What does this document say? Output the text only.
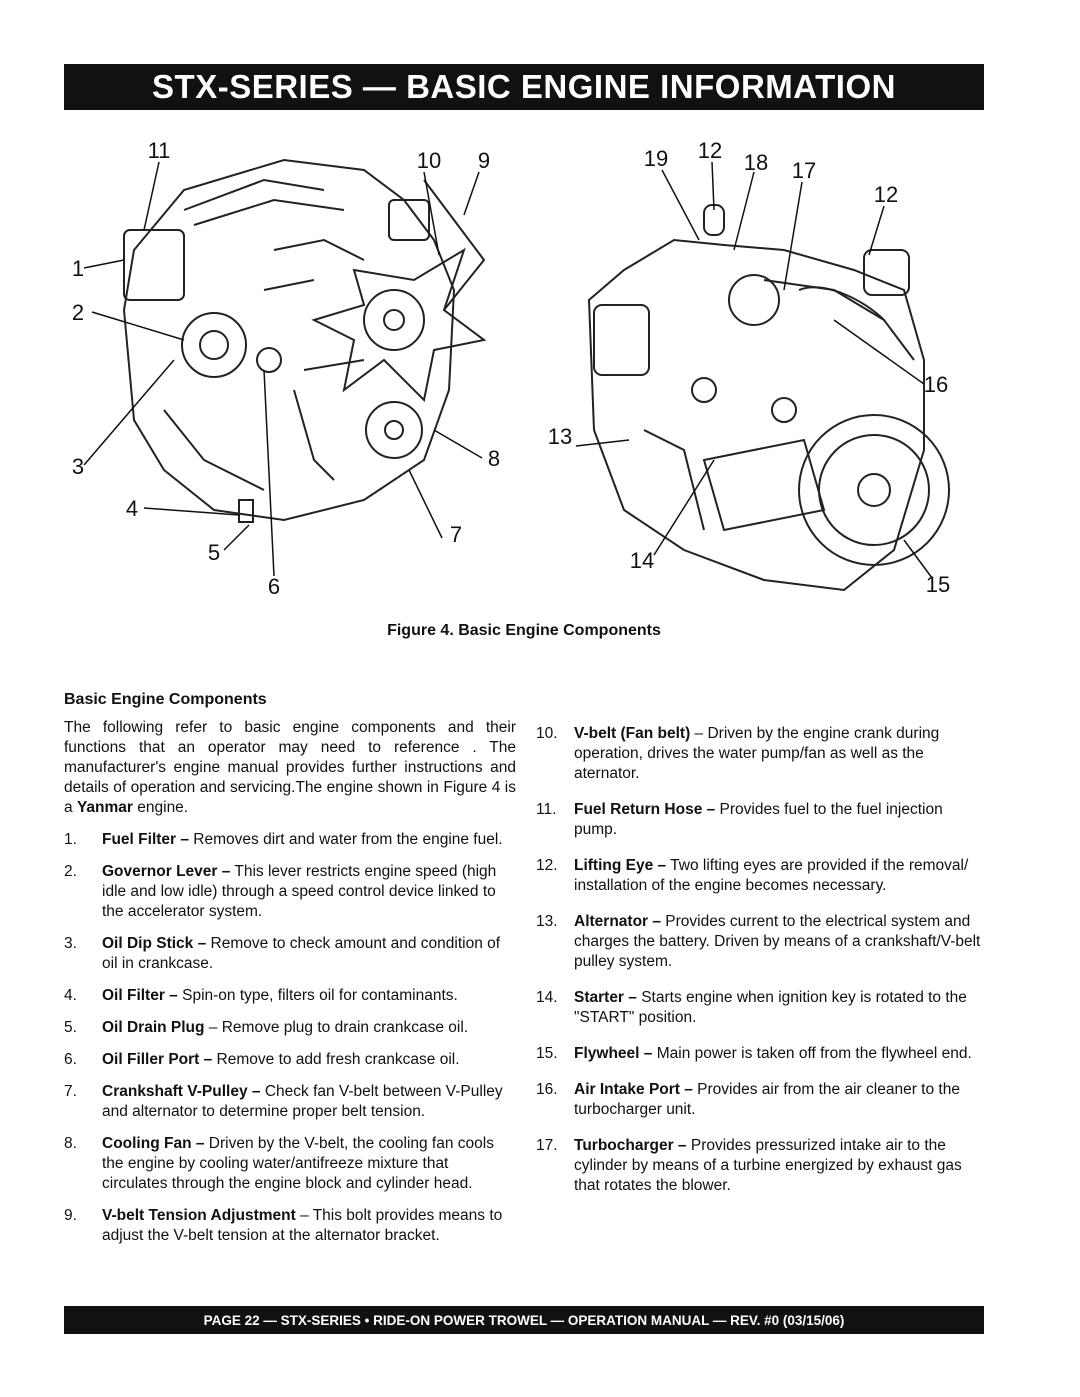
STX-SERIES — BASIC ENGINE INFORMATION
11	10 9
1
2
3	8
4
7
5
6
19 12 18 17
12
16
13
14
15
Figure 4. Basic Engine Components
Basic Engine Components

The following refer to basic engine components and their functions that an operator may need to reference . The manufacturer's engine manual provides further instructions and details of operation and servicing.The engine shown in Figure 4 is a Yanmar engine.

1.	Fuel Filter – Removes dirt and water from the engine fuel.
2.	Governor Lever – This lever restricts engine speed (high idle and low idle) through a speed control device linked to the accelerator system.
3.	Oil Dip Stick – Remove to check amount and condition of oil in crankcase.
4.	Oil Filter – Spin-on type, filters oil for contaminants.
5.	Oil Drain Plug – Remove plug to drain crankcase oil.
6.	Oil Filler Port – Remove to add fresh crankcase oil.
7.	Crankshaft V-Pulley – Check fan V-belt between V-Pulley and alternator to determine proper belt tension.
8.	Cooling Fan – Driven by the V-belt, the cooling fan cools the engine by cooling water/antifreeze mixture that circulates through the engine block and cylinder head.
9.	V-belt Tension Adjustment – This bolt provides means to adjust the V-belt tension at the alternator bracket.
10.	V-belt (Fan belt) – Driven by the engine crank during operation, drives the water pump/fan as well as the aternator.
11.	Fuel Return Hose – Provides fuel to the fuel injection pump.
12.	Lifting Eye – Two lifting eyes are provided if the removal/ installation of the engine becomes necessary.
13.	Alternator – Provides current to the electrical system and charges the battery. Driven by means of a crankshaft/V-belt pulley system.
14.	Starter – Starts engine when ignition key is rotated to the "START" position.
15.	Flywheel – Main power is taken off from the flywheel end.
16.	Air Intake Port – Provides air from the air cleaner to the turbocharger unit.
17.	Turbocharger – Provides pressurized intake air to the cylinder by means of a turbine energized by exhaust gas that rotates the blower.
PAGE 22 — STX-SERIES • RIDE-ON POWER TROWEL — OPERATION MANUAL — REV. #0 (03/15/06)
